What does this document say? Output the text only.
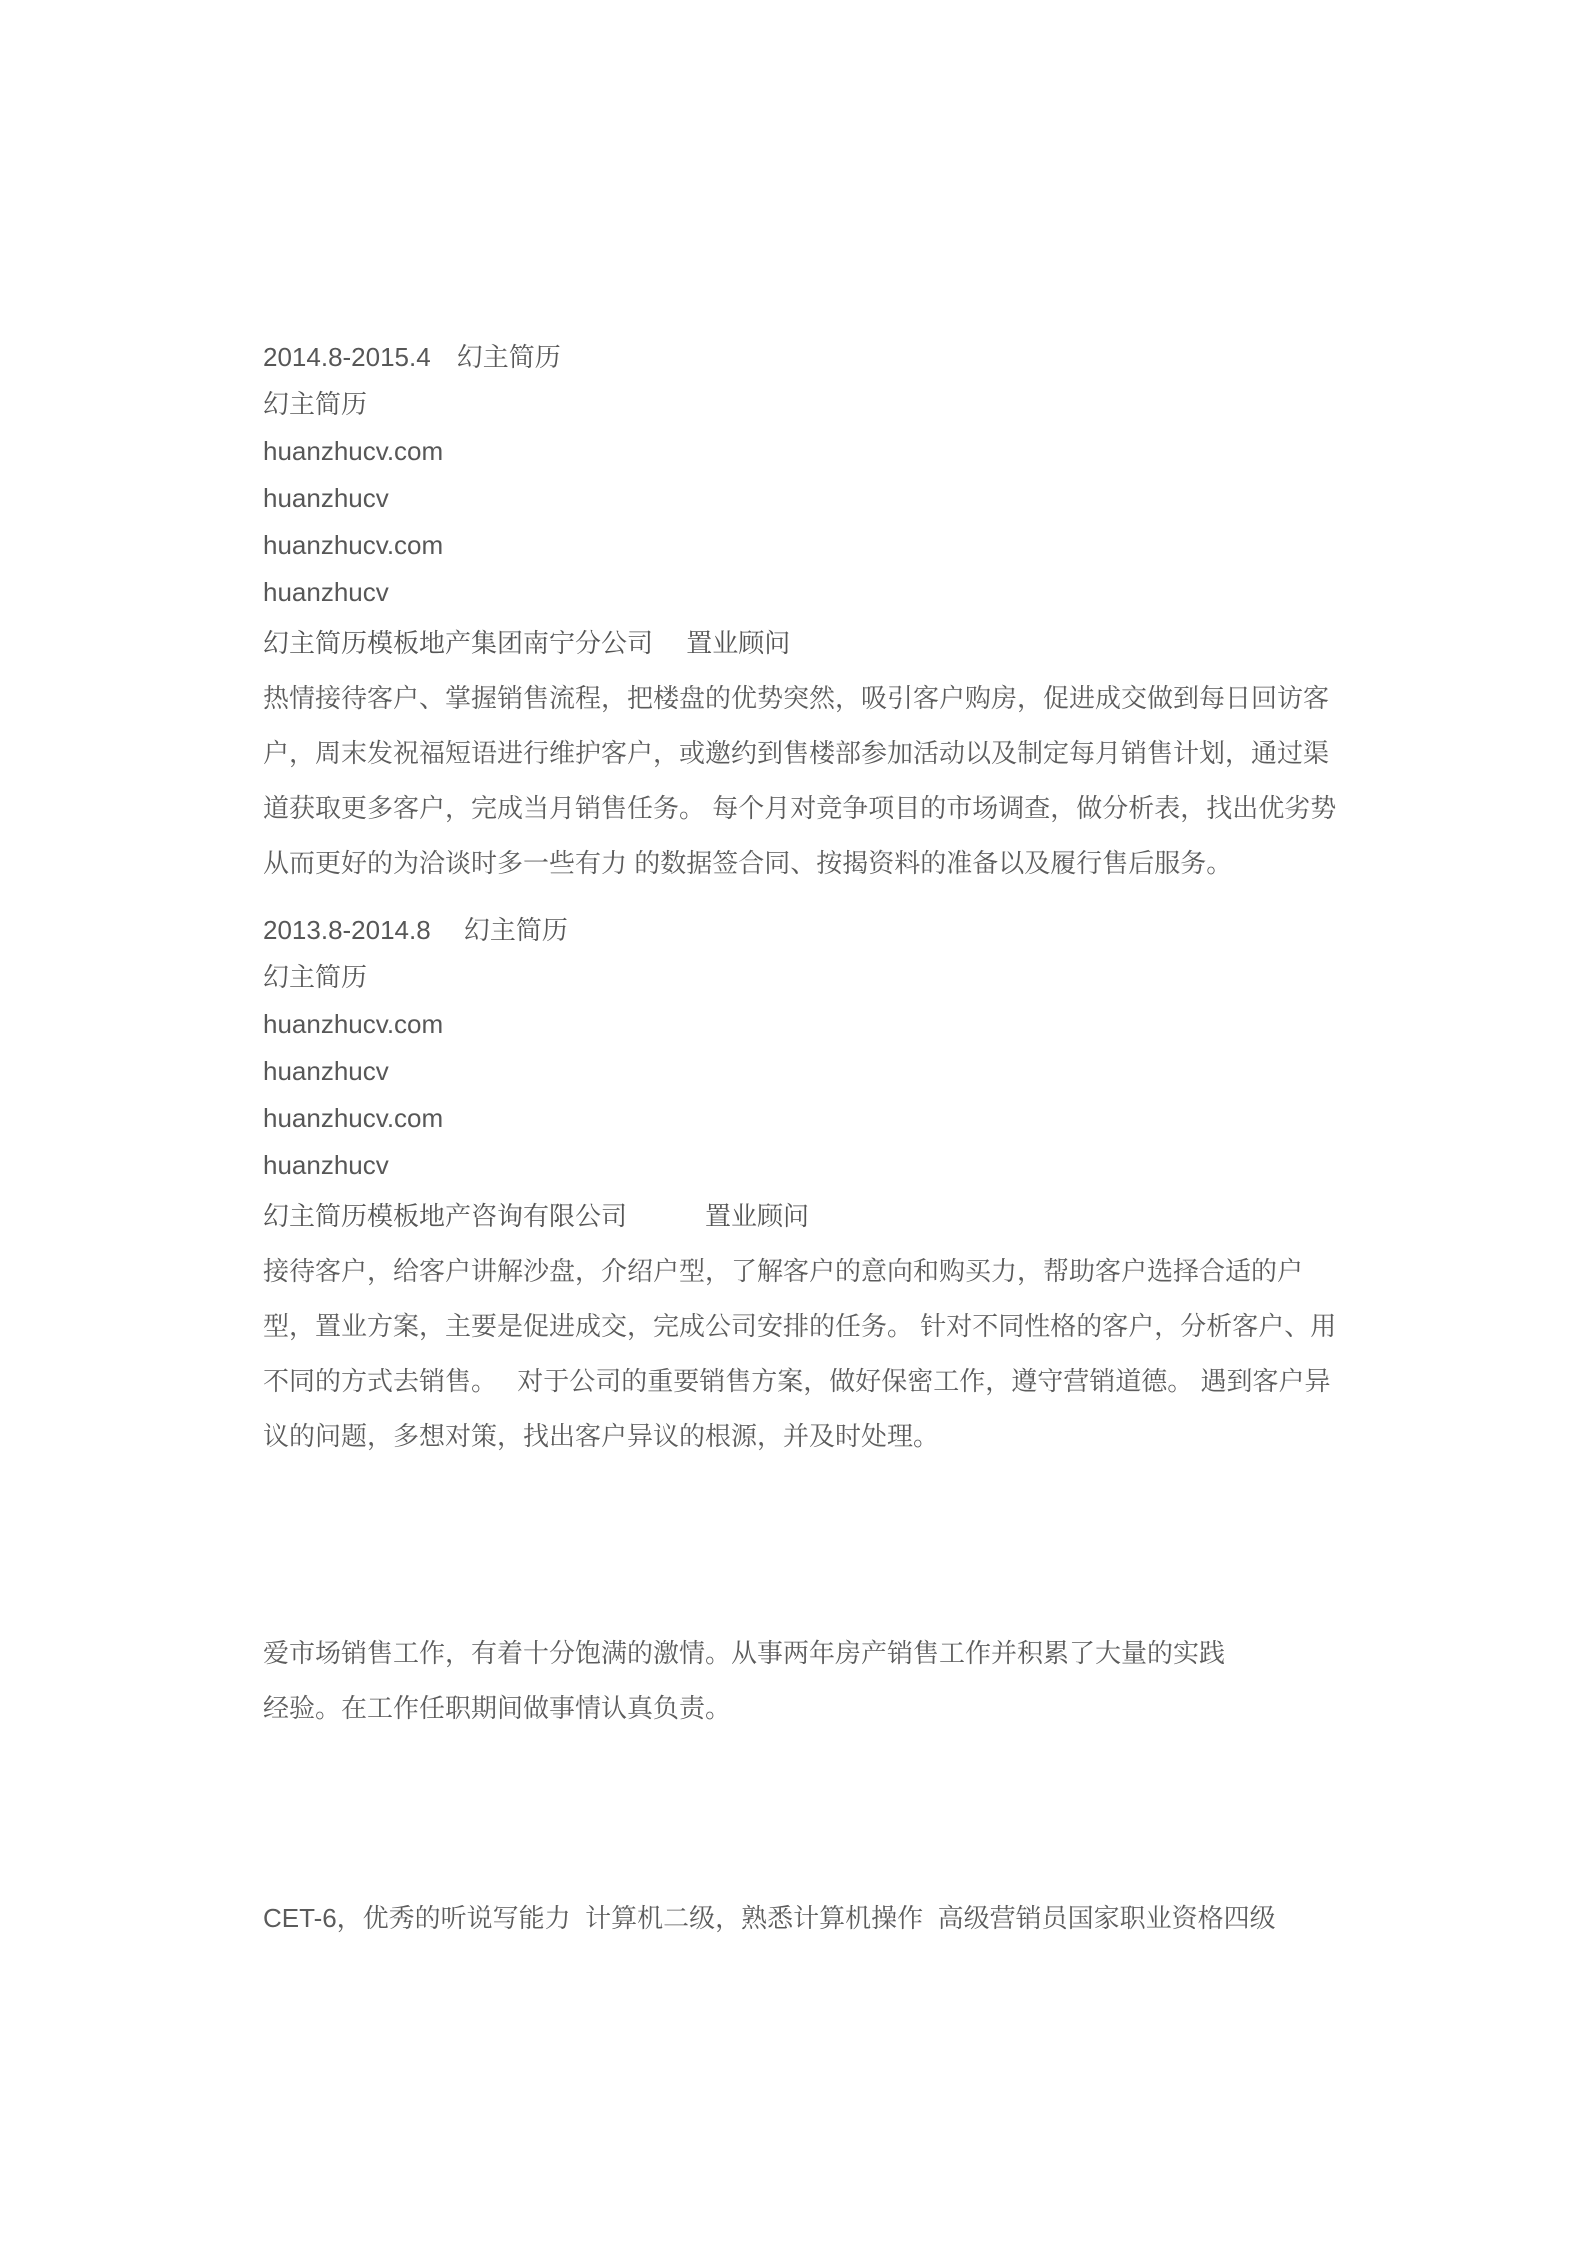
2014.8-2015.4　幻主简历
幻主简历
huanzhucv.com
huanzhucv
huanzhucv.com
huanzhucv
幻主简历模板地产集团南宁分公司　 置业顾问
热情接待客户、掌握销售流程，把楼盘的优势突然，吸引客户购房，促进成交做到每日回访客
户，周末发祝福短语进行维护客户，或邀约到售楼部参加活动以及制定每月销售计划，通过渠
道获取更多客户，完成当月销售任务。 每个月对竞争项目的市场调查，做分析表，找出优劣势
从而更好的为洽谈时多一些有力 的数据签合同、按揭资料的准备以及履行售后服务。
2013.8-2014.8　 幻主简历
幻主简历
huanzhucv.com
huanzhucv
huanzhucv.com
huanzhucv
幻主简历模板地产咨询有限公司　　　置业顾问
接待客户，给客户讲解沙盘，介绍户型，了解客户的意向和购买力，帮助客户选择合适的户
型，置业方案，主要是促进成交，完成公司安排的任务。 针对不同性格的客户，分析客户、用
不同的方式去销售。　 对于公司的重要销售方案，做好保密工作，遵守营销道德。 遇到客户异
议的问题，多想对策，找出客户异议的根源，并及时处理。
爱市场销售工作，有着十分饱满的激情。从事两年房产销售工作并积累了大量的实践
经验。在工作任职期间做事情认真负责。
CET-6，优秀的听说写能力  计算机二级，熟悉计算机操作  高级营销员国家职业资格四级
